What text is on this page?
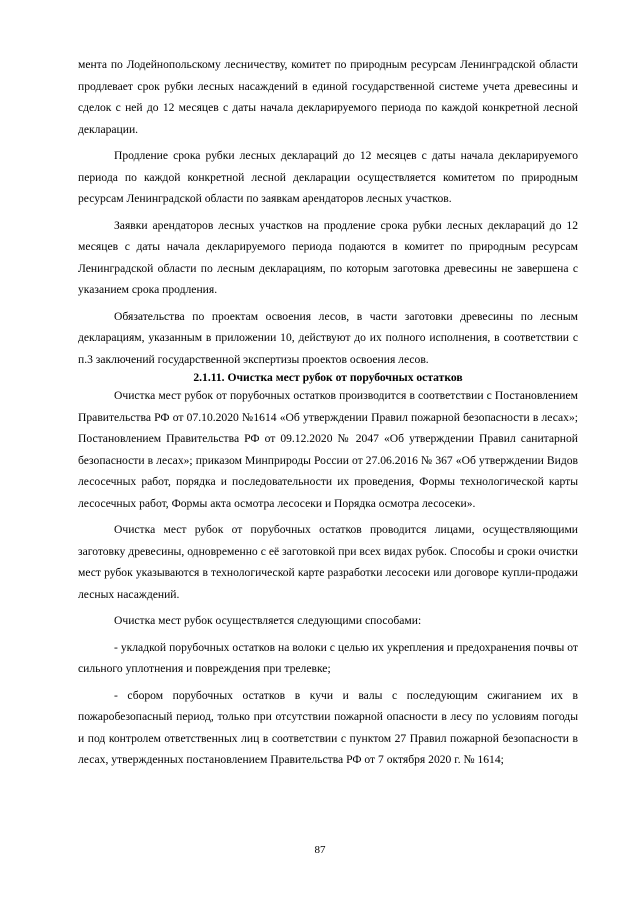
мента по Лодейнопольскому лесничеству, комитет по природным ресурсам Ленинградской области продлевает срок рубки лесных насаждений в единой государственной системе учета древесины и сделок с ней до 12 месяцев с даты начала декларируемого периода по каждой конкретной лесной декларации.

Продление срока рубки лесных деклараций до 12 месяцев с даты начала декларируемого периода по каждой конкретной лесной декларации осуществляется комитетом по природным ресурсам Ленинградской области по заявкам арендаторов лесных участков.

Заявки арендаторов лесных участков на продление срока рубки лесных деклараций до 12 месяцев с даты начала декларируемого периода подаются в комитет по природным ресурсам Ленинградской области по лесным декларациям, по которым заготовка древесины не завершена с указанием срока продления.

Обязательства по проектам освоения лесов, в части заготовки древесины по лесным декларациям, указанным в приложении 10, действуют до их полного исполнения, в соответствии с п.3 заключений государственной экспертизы проектов освоения лесов.

2.1.11. Очистка мест рубок от порубочных остатков

Очистка мест рубок от порубочных остатков производится в соответствии с Постановлением Правительства РФ от 07.10.2020 №1614 «Об утверждении Правил пожарной безопасности в лесах»; Постановлением Правительства РФ от 09.12.2020 № 2047 «Об утверждении Правил санитарной безопасности в лесах»; приказом Минприроды России от 27.06.2016 № 367 «Об утверждении Видов лесосечных работ, порядка и последовательности их проведения, Формы технологической карты лесосечных работ, Формы акта осмотра лесосеки и Порядка осмотра лесосеки».

Очистка мест рубок от порубочных остатков проводится лицами, осуществляющими заготовку древесины, одновременно с её заготовкой при всех видах рубок. Способы и сроки очистки мест рубок указываются в технологической карте разработки лесосеки или договоре купли-продажи лесных насаждений.

Очистка мест рубок осуществляется следующими способами:

- укладкой порубочных остатков на волоки с целью их укрепления и предохранения почвы от сильного уплотнения и повреждения при трелевке;

- сбором порубочных остатков в кучи и валы с последующим сжиганием их в пожаробезопасный период, только при отсутствии пожарной опасности в лесу по условиям погоды и под контролем ответственных лиц в соответствии с пунктом 27 Правил пожарной безопасности в лесах, утвержденных постановлением Правительства РФ от 7 октября 2020 г. № 1614;

87
